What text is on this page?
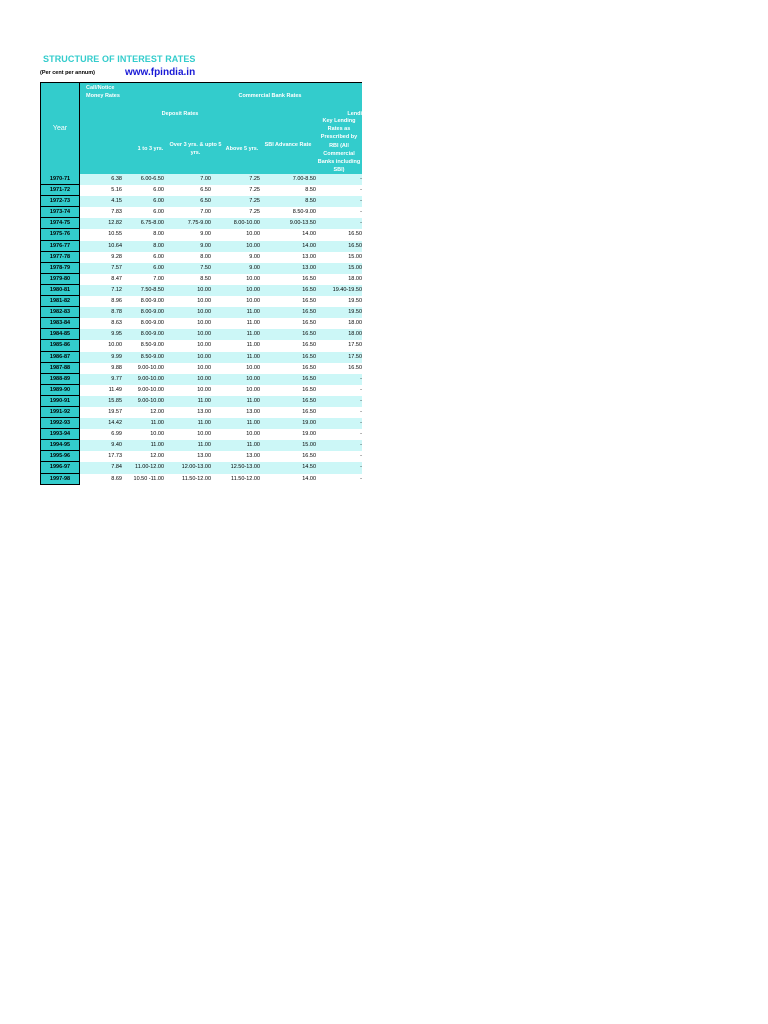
STRUCTURE OF INTEREST RATES
(Per cent per annum)	www.fpindia.in
Year
Call/Notice Money Rates	Commercial Bank Rates
Deposit Rates	Lendi
1 to 3 yrs.
Over 3 yrs. & upto 5 yrs.
Above 5 yrs.
SBI Advance Rate
Key Lending Rates as Prescribed by RBI (All Commercial Banks including SBI)
1970-71	6.38	6.00-6.50	7.00	7.25	7.00-8.50	-
1971-72	5.16	6.00	6.50	7.25	8.50	-
1972-73	4.15	6.00	6.50	7.25	8.50	-
1973-74	7.83	6.00	7.00	7.25	8.50-9.00	-
1974-75	12.82	6.75-8.00	7.75-9.00	8.00-10.00	9.00-13.50	-
1975-76	10.55	8.00	9.00	10.00	14.00	16.50
1976-77	10.64	8.00	9.00	10.00	14.00	16.50
1977-78	9.28	6.00	8.00	9.00	13.00	15.00
1978-79	7.57	6.00	7.50	9.00	13.00	15.00
1979-80	8.47	7.00	8.50	10.00	16.50	18.00
1980-81	7.12	7.50-8.50	10.00	10.00	16.50	19.40-19.50
1981-82	8.96	8.00-9.00	10.00	10.00	16.50	19.50
1982-83	8.78	8.00-9.00	10.00	11.00	16.50	19.50
1983-84	8.63	8.00-9.00	10.00	11.00	16.50	18.00
1984-85	9.95	8.00-9.00	10.00	11.00	16.50	18.00
1985-86	10.00	8.50-9.00	10.00	11.00	16.50	17.50
1986-87	9.99	8.50-9.00	10.00	11.00	16.50	17.50
1987-88	9.88	9.00-10.00	10.00	10.00	16.50	16.50
1988-89	9.77	9.00-10.00	10.00	10.00	16.50	-
1989-90	11.49	9.00-10.00	10.00	10.00	16.50	-
1990-91	15.85	9.00-10.00	11.00	11.00	16.50	-
1991-92	19.57	12.00	13.00	13.00	16.50	-
1992-93	14.42	11.00	11.00	11.00	19.00	-
1993-94	6.99	10.00	10.00	10.00	19.00	-
1994-95	9.40	11.00	11.00	11.00	15.00	-
1995-96	17.73	12.00	13.00	13.00	16.50	-
1996-97	7.84	11.00-12.00	12.00-13.00	12.50-13.00	14.50	-
1997-98	8.69	10.50 -11.00	11.50-12.00	11.50-12.00	14.00	-
